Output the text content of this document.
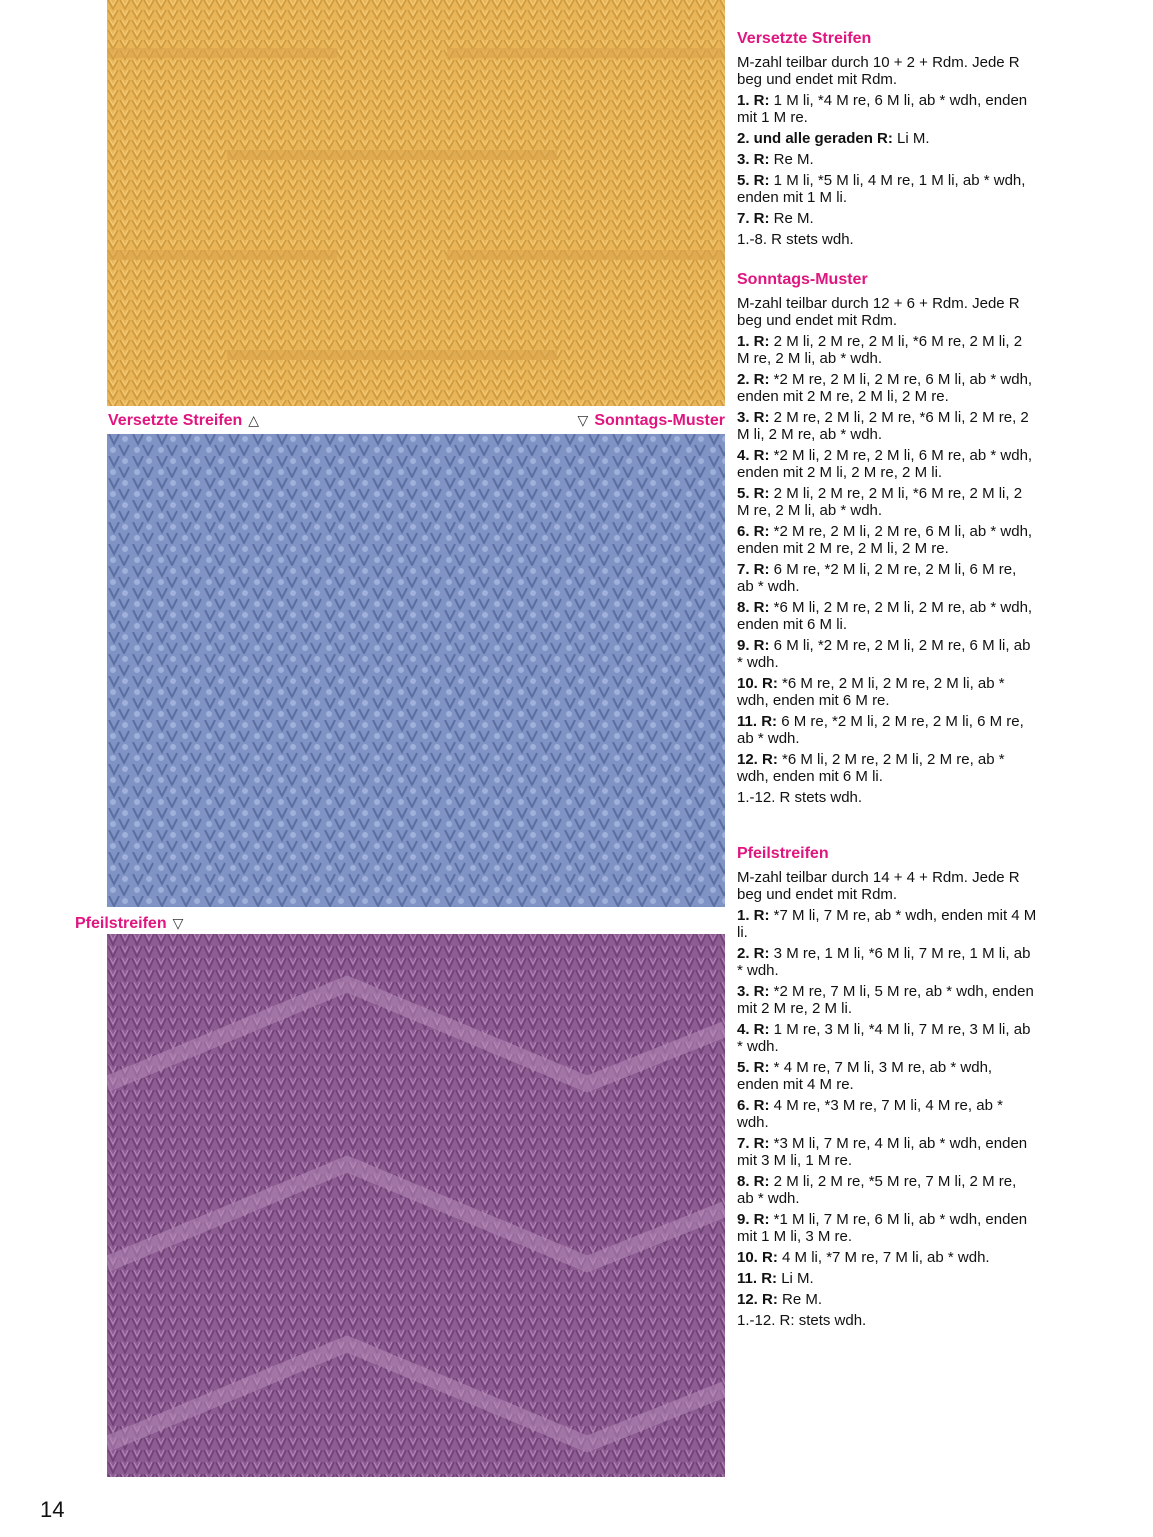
Versetzte Streifen △	▽ Sonntags-Muster
Pfeilstreifen ▽
Versetzte Streifen

M-zahl teilbar durch 10 + 2 + Rdm. Jede R beg und endet mit Rdm.

1. R: 1 M li, *4 M re, 6 M li, ab * wdh, enden mit 1 M re.

2. und alle geraden R: Li M.

3. R: Re M.

5. R: 1 M li, *5 M li, 4 M re, 1 M li, ab * wdh, enden mit 1 M li.

7. R: Re M.

1.-8. R stets wdh.

Sonntags-Muster

M-zahl teilbar durch 12 + 6 + Rdm. Jede R beg und endet mit Rdm.

1. R: 2 M li, 2 M re, 2 M li, *6 M re, 2 M li, 2 M re, 2 M li, ab * wdh.

2. R: *2 M re, 2 M li, 2 M re, 6 M li, ab * wdh, enden mit 2 M re, 2 M li, 2 M re.

3. R: 2 M re, 2 M li, 2 M re, *6 M li, 2 M re, 2 M li, 2 M re, ab * wdh.

4. R: *2 M li, 2 M re, 2 M li, 6 M re, ab * wdh, enden mit 2 M li, 2 M re, 2 M li.

5. R: 2 M li, 2 M re, 2 M li, *6 M re, 2 M li, 2 M re, 2 M li, ab * wdh.

6. R: *2 M re, 2 M li, 2 M re, 6 M li, ab * wdh, enden mit 2 M re, 2 M li, 2 M re.

7. R: 6 M re, *2 M li, 2 M re, 2 M li, 6 M re, ab * wdh.

8. R: *6 M li, 2 M re, 2 M li, 2 M re, ab * wdh, enden mit 6 M li.

9. R: 6 M li, *2 M re, 2 M li, 2 M re, 6 M li, ab * wdh.

10. R: *6 M re, 2 M li, 2 M re, 2 M li, ab * wdh, enden mit 6 M re.

11. R: 6 M re, *2 M li, 2 M re, 2 M li, 6 M re, ab * wdh.

12. R: *6 M li, 2 M re, 2 M li, 2 M re, ab * wdh, enden mit 6 M li.

1.-12. R stets wdh.

Pfeilstreifen

M-zahl teilbar durch 14 + 4 + Rdm. Jede R beg und endet mit Rdm.

1. R: *7 M li, 7 M re, ab * wdh, enden mit 4 M li.

2. R: 3 M re, 1 M li, *6 M li, 7 M re, 1 M li, ab * wdh.

3. R: *2 M re, 7 M li, 5 M re, ab * wdh, enden mit 2 M re, 2 M li.

4. R: 1 M re, 3 M li, *4 M li, 7 M re, 3 M li, ab * wdh.

5. R: * 4 M re, 7 M li, 3 M re, ab * wdh, enden mit 4 M re.

6. R: 4 M re, *3 M re, 7 M li, 4 M re, ab * wdh.

7. R: *3 M li, 7 M re, 4 M li, ab * wdh, enden mit 3 M li, 1 M re.

8. R: 2 M li, 2 M re, *5 M re, 7 M li, 2 M re, ab * wdh.

9. R: *1 M li, 7 M re, 6 M li, ab * wdh, enden mit 1 M li, 3 M re.

10. R: 4 M li, *7 M re, 7 M li, ab * wdh.

11. R: Li M.

12. R: Re M.

1.-12. R: stets wdh.

14
